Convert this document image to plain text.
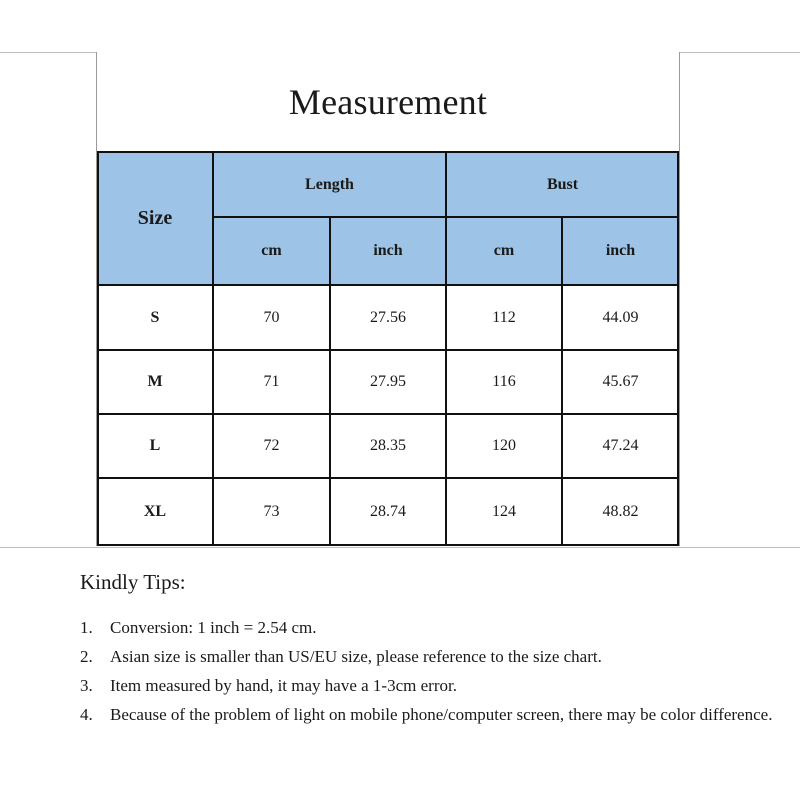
Measurement
Size
Length	Bust
cm	inch	cm	inch
S	70	27.56	112	44.09
M	71	27.95	116	45.67
L	72	28.35	120	47.24
XL	73	28.74	124	48.82
Kindly Tips:
1. Conversion: 1 inch = 2.54 cm.
2. Asian size is smaller than US/EU size, please reference to the size chart.
3. Item measured by hand, it may have a 1-3cm error.
4. Because of the problem of light on mobile phone/computer screen, there may be color difference.
